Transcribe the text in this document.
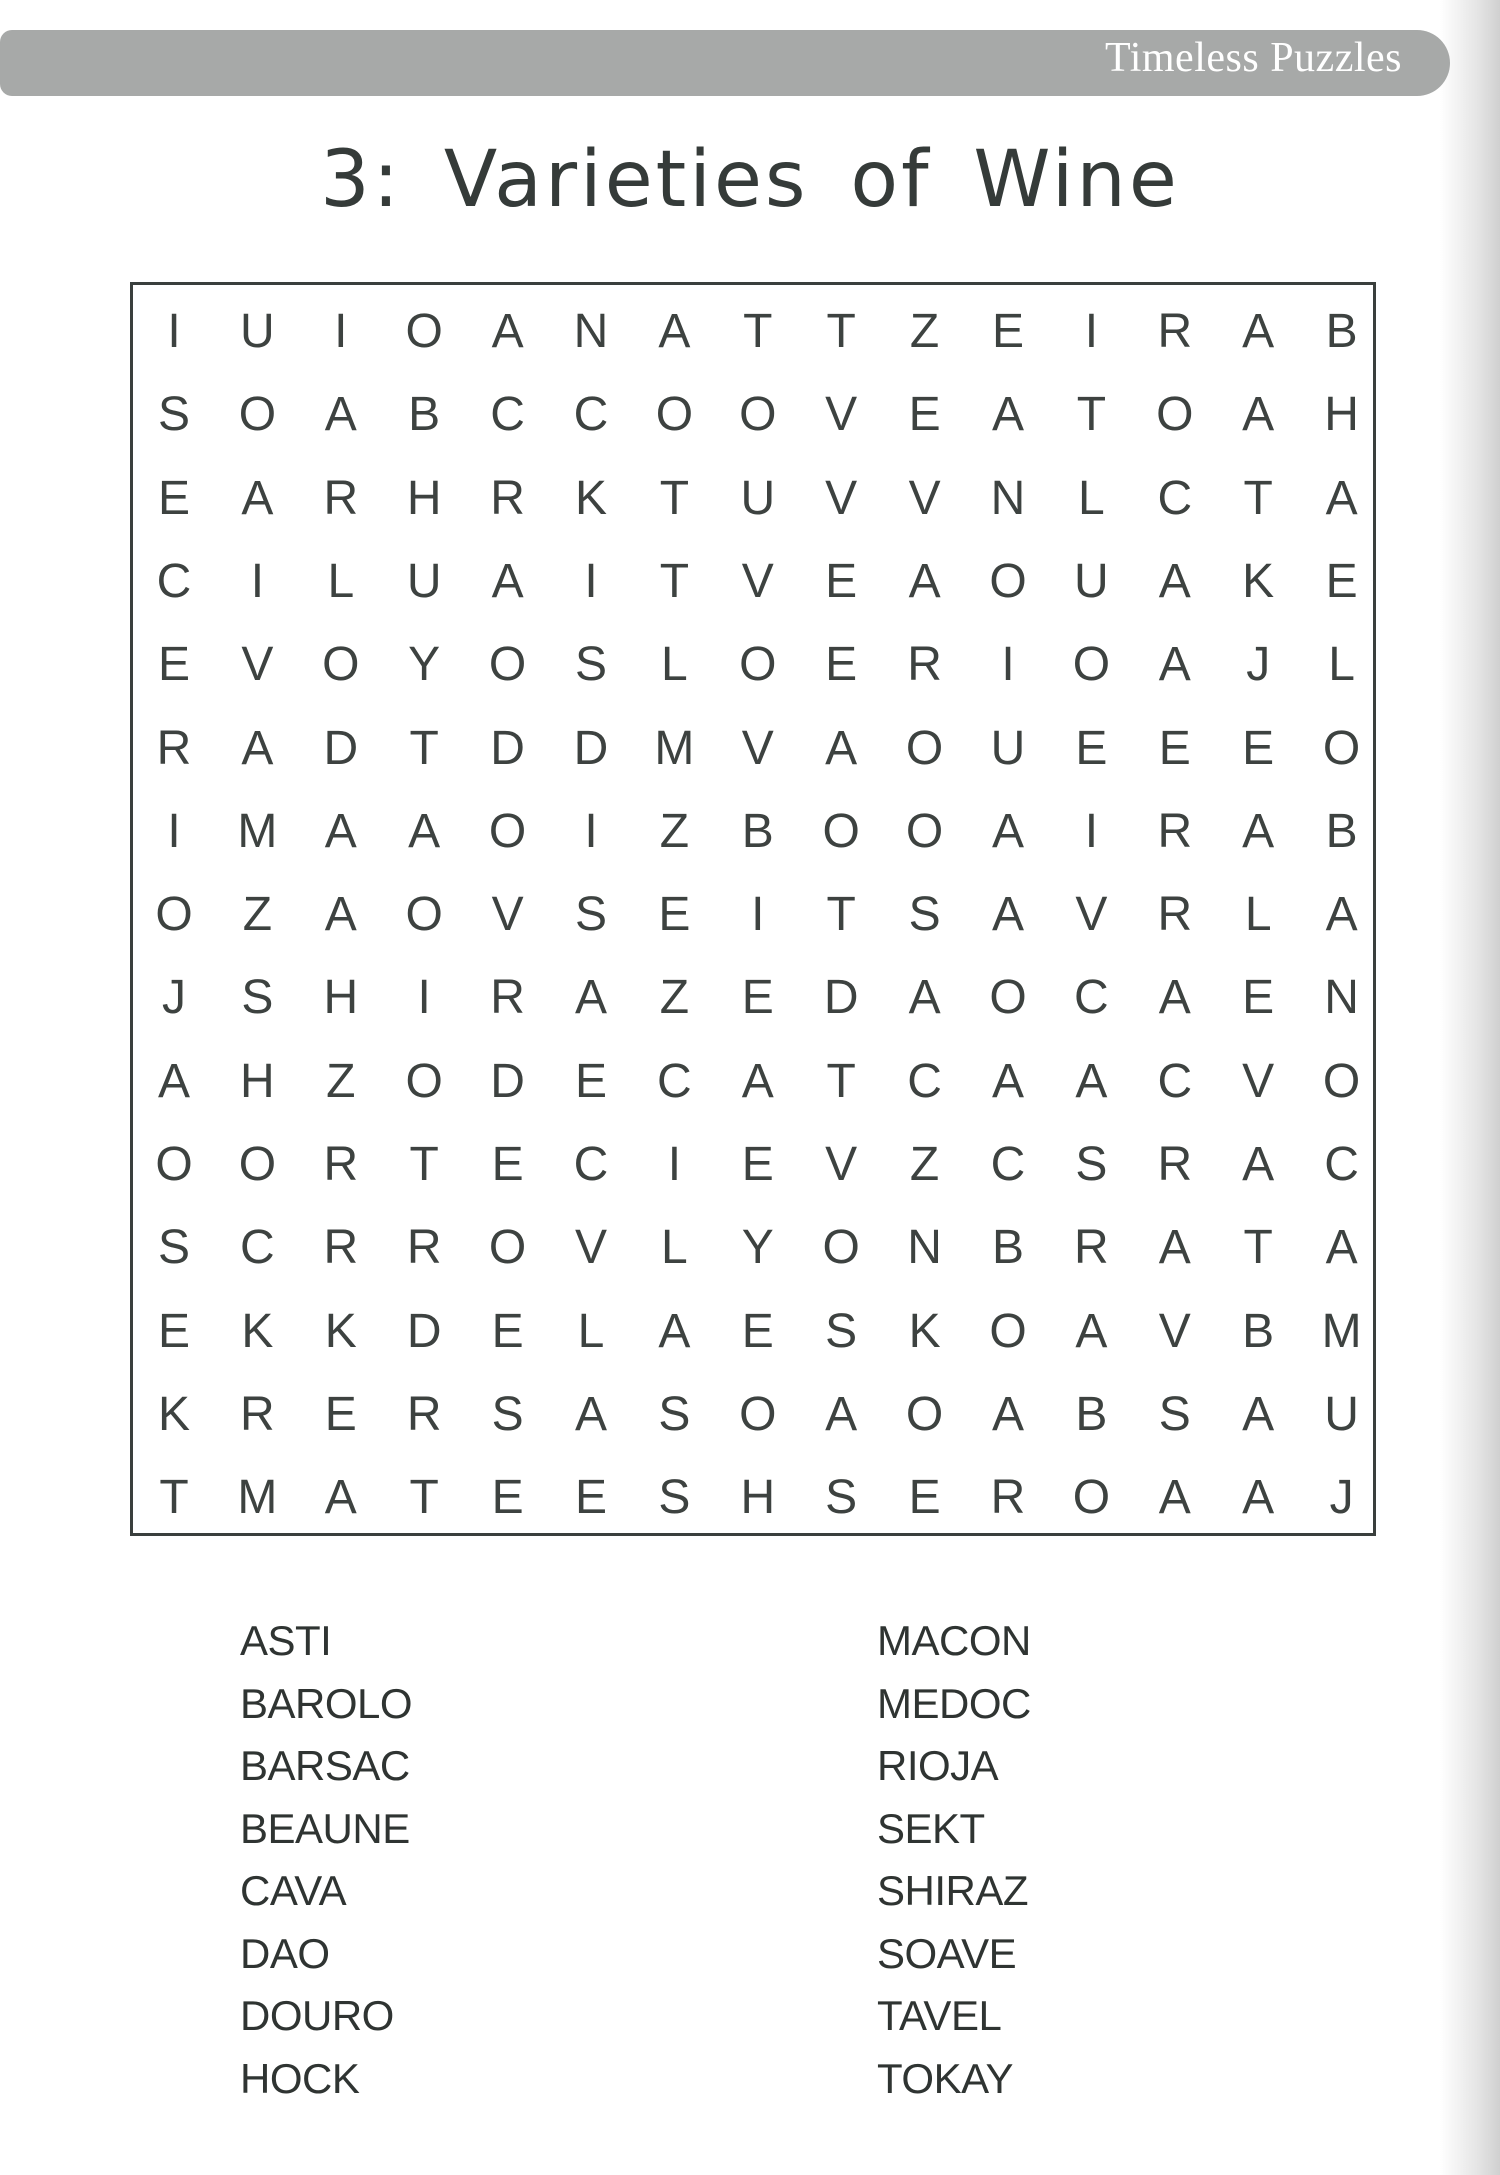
Timeless Puzzles
3: Varieties of Wine
I	U	I	O A N A	T	T	Z	E	I	R A B
S O A B C C O O V E A	T	O A H
E A R H R K	T	U V V N	L	C	T	A
C	I	L	U A	I	T	V E A O U A K E
E V O Y O S	L	O E R	I	O A	J	L
R A D	T	D D M V A O U E E E O
I	M A A O	I	Z	B O O A	I	R A B
O	Z	A O V S E	I	T	S A V R	L	A
J	S H	I	R A	Z	E D A O C A E N
A H	Z	O D E C A	T	C A A C V O
O O R	T	E C	I	E V	Z	C S R A C
S C R R O V	L	Y O N B R A	T	A
E K K D E	L	A E S K O A V B M
K R E R S A S O A O A B S A U
T	M A	T	E E S H S E R O A A	J
ASTI
BAROLO
BARSAC
BEAUNE
CAVA
DAO
DOURO
HOCK
MACON
MEDOC
RIOJA
SEKT
SHIRAZ
SOAVE
TAVEL
TOKAY
